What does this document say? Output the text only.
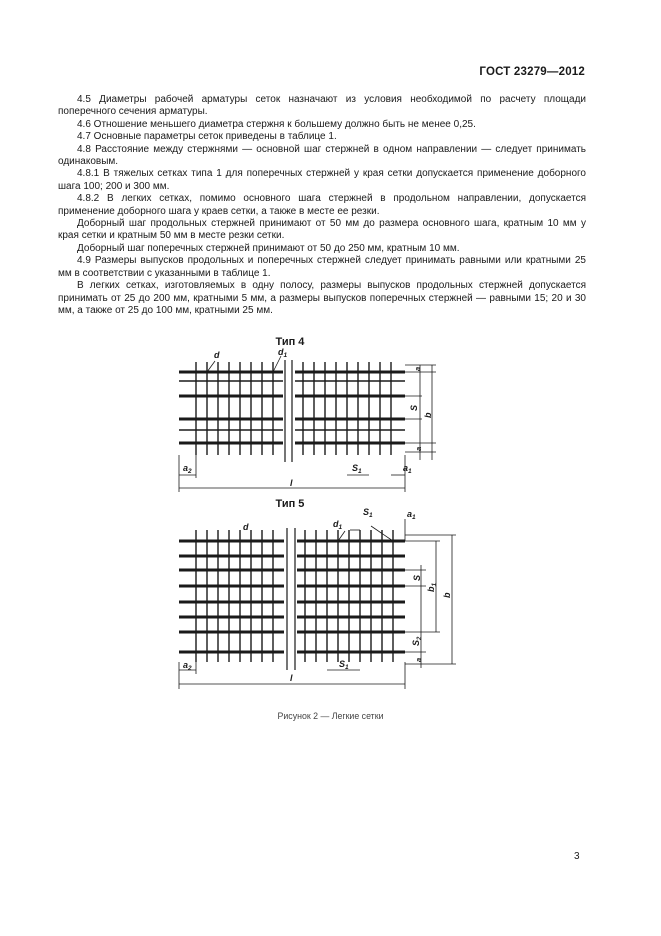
ГОСТ 23279—2012

4.5 Диаметры рабочей арматуры сеток назначают из условия необходимой по расчету площади поперечного сечения арматуры.

4.6 Отношение меньшего диаметра стержня к большему должно быть не менее 0,25.

4.7 Основные параметры сеток приведены в таблице 1.

4.8 Расстояние между стержнями — основной шаг стержней в одном направлении — следует принимать одинаковым.

4.8.1 В тяжелых сетках типа 1 для поперечных стержней у края сетки допускается применение доборного шага 100; 200 и 300 мм.

4.8.2 В легких сетках, помимо основного шага стержней в продольном направлении, допускается применение доборного шага у краев сетки, а также в месте ее резки.

Доборный шаг продольных стержней принимают от 50 мм до размера основного шага, кратным 10 мм у края сетки и кратным 50 мм в месте резки сетки.

Доборный шаг поперечных стержней принимают от 50 до 250 мм, кратным 10 мм.

4.9 Размеры выпусков продольных и поперечных стержней следует принимать равными или кратными 25 мм в соответствии с указанными в таблице 1.

В легких сетках, изготовляемых в одну полосу, размеры выпусков продольных стержней допускается принимать от 25 до 200 мм, кратными 5 мм, а размеры выпусков поперечных стержней — равными 15; 20 и 30 мм, а также от 25 до 100 мм, кратными 25 мм.

Тип 4
d	$d_1$
a
S
b
a
$a_2$	$S_1$	$a_1$
l
Тип 5
d	$d_1$
$S_1$	$a_1$
S
$b_1$
b
$S_2$
a
$a_2$	$S_1$
l
Рисунок 2 — Легкие сетки
3
